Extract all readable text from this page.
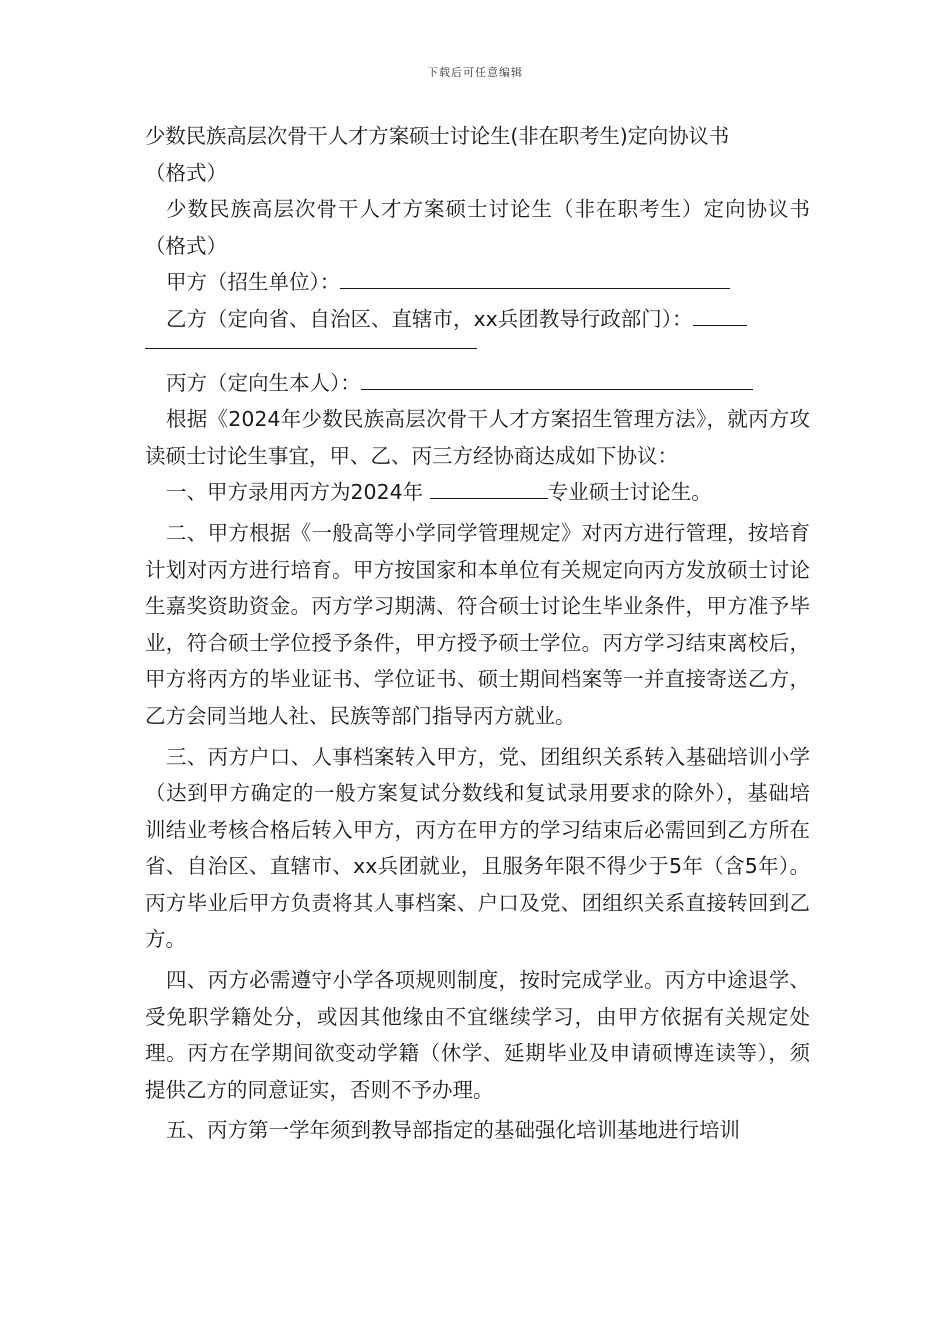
下载后可任意编辑

少数民族高层次骨干人才方案硕士讨论生(非在职考生)定向协议书

（格式）

少数民族高层次骨干人才方案硕士讨论生（非在职考生）定向协议书（格式）

甲方（招生单位）：

乙方（定向省、自治区、直辖市，xx兵团教导行政部门）：

丙方（定向生本人）：

根据《2024年少数民族高层次骨干人才方案招生管理方法》，就丙方攻读硕士讨论生事宜，甲、乙、丙三方经协商达成如下协议：

一、甲方录用丙方为2024年	专业硕士讨论生。

二、甲方根据《一般高等小学同学管理规定》对丙方进行管理，按培育计划对丙方进行培育。甲方按国家和本单位有关规定向丙方发放硕士讨论生嘉奖资助资金。丙方学习期满、符合硕士讨论生毕业条件，甲方准予毕业，符合硕士学位授予条件，甲方授予硕士学位。丙方学习结束离校后，甲方将丙方的毕业证书、学位证书、硕士期间档案等一并直接寄送乙方，乙方会同当地人社、民族等部门指导丙方就业。

三、丙方户口、人事档案转入甲方，党、团组织关系转入基础培训小学（达到甲方确定的一般方案复试分数线和复试录用要求的除外），基础培训结业考核合格后转入甲方，丙方在甲方的学习结束后必需回到乙方所在省、自治区、直辖市、xx兵团就业，且服务年限不得少于5年（含5年）。丙方毕业后甲方负责将其人事档案、户口及党、团组织关系直接转回到乙方。

四、丙方必需遵守小学各项规则制度，按时完成学业。丙方中途退学、受免职学籍处分，或因其他缘由不宜继续学习，由甲方依据有关规定处理。丙方在学期间欲变动学籍（休学、延期毕业及申请硕博连读等），须提供乙方的同意证实，否则不予办理。

五、丙方第一学年须到教导部指定的基础强化培训基地进行培训
